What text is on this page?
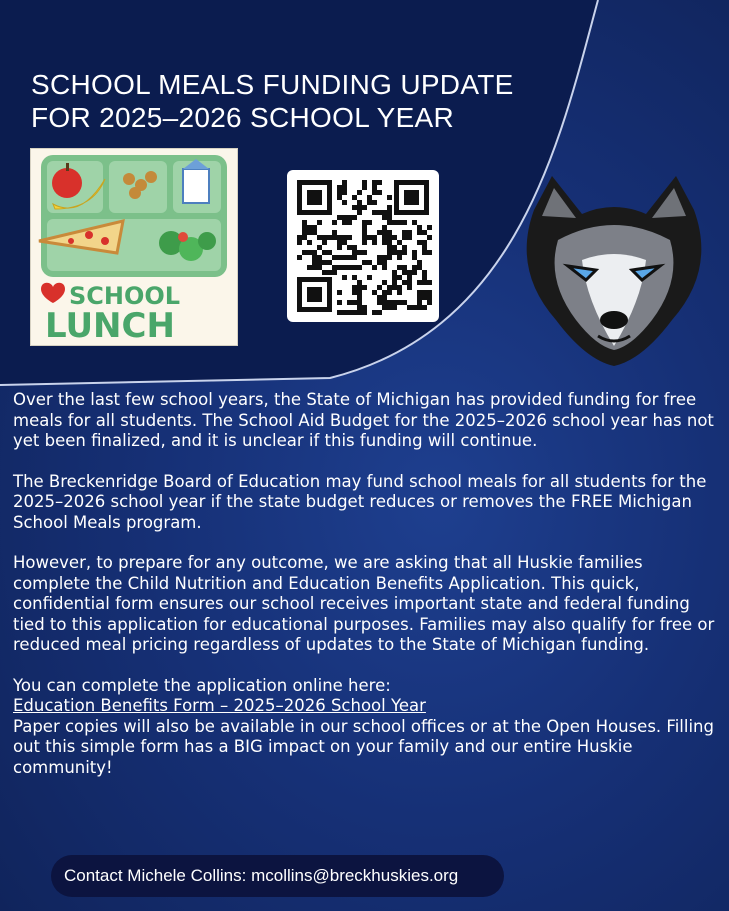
SCHOOL MEALS FUNDING UPDATE
FOR 2025–2026 SCHOOL YEAR
SCHOOL
LUNCH

Over the last few school years, the State of Michigan has provided funding for free meals for all students. The School Aid Budget for the 2025–2026 school year has not yet been finalized, and it is unclear if this funding will continue.

The Breckenridge Board of Education may fund school meals for all students for the 2025–2026 school year if the state budget reduces or removes the FREE Michigan School Meals program.

However, to prepare for any outcome, we are asking that all Huskie families complete the Child Nutrition and Education Benefits Application. This quick, confidential form ensures our school receives important state and federal funding tied to this application for educational purposes. Families may also qualify for free or reduced meal pricing regardless of updates to the State of Michigan funding.

You can complete the application online here:
Education Benefits Form – 2025–2026 School Year
Paper copies will also be available in our school offices or at the Open Houses. Filling out this simple form has a BIG impact on your family and our entire Huskie community!

Contact Michele Collins: mcollins@breckhuskies.org
